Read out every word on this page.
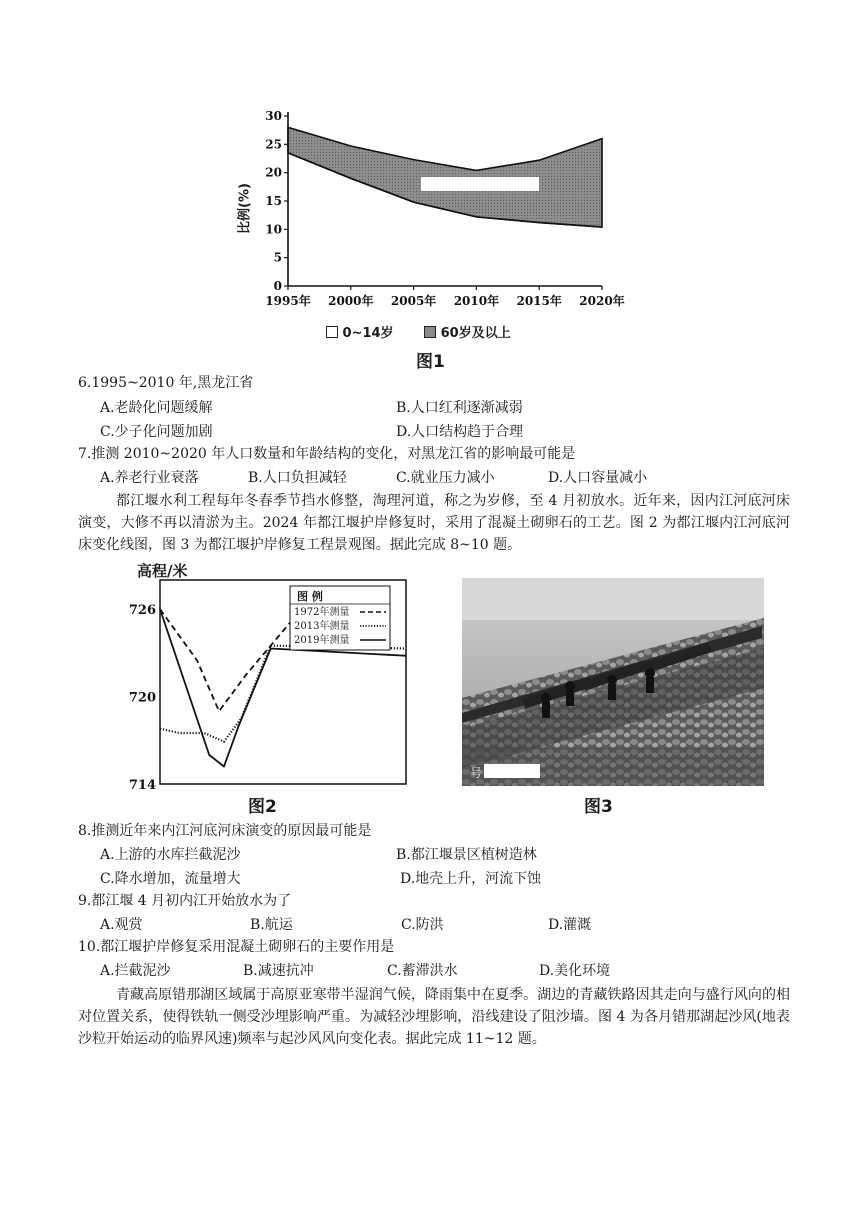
0
5
10
15
20
25
30
1995年 2000年 2005年 2010年 2015年 2020年
比例(%)
0~14岁	60岁及以上
图1
6.1995~2010 年,黑龙江省
A.老龄化问题缓解	B.人口红利逐渐减弱
C.少子化问题加剧	D.人口结构趋于合理
7.推测 2010~2020 年人口数量和年龄结构的变化，对黑龙江省的影响最可能是
A.养老行业衰落	B.人口负担减轻	C.就业压力减小	D.人口容量减小

都江堰水利工程每年冬春季节挡水修整，淘理河道，称之为岁修，至 4 月初放水。近年来，因内江河底河床演变，大修不再以清淤为主。2024 年都江堰护岸修复时，采用了混凝土砌卵石的工艺。图 2 为都江堰内江河底河床变化线图，图 3 为都江堰护岸修复工程景观图。据此完成 8~10 题。

高程/米
726
720
714
图 例
1972年测量
2013年测量
2019年测量
图2
号
图3
8.推测近年来内江河底河床演变的原因最可能是
A.上游的水库拦截泥沙	B.都江堰景区植树造林
C.降水增加，流量增大	D.地壳上升，河流下蚀
9.都江堰 4 月初内江开始放水为了
A.观赏	B.航运	C.防洪	D.灌溉
10.都江堰护岸修复采用混凝土砌卵石的主要作用是
A.拦截泥沙	B.减速抗冲	C.蓄滞洪水	D.美化环境

青藏高原错那湖区域属于高原亚寒带半湿润气候，降雨集中在夏季。湖边的青藏铁路因其走向与盛行风向的相对位置关系，使得铁轨一侧受沙埋影响严重。为减轻沙埋影响，沿线建设了阻沙墙。图 4 为各月错那湖起沙风(地表沙粒开始运动的临界风速)频率与起沙风风向变化表。据此完成 11~12 题。
